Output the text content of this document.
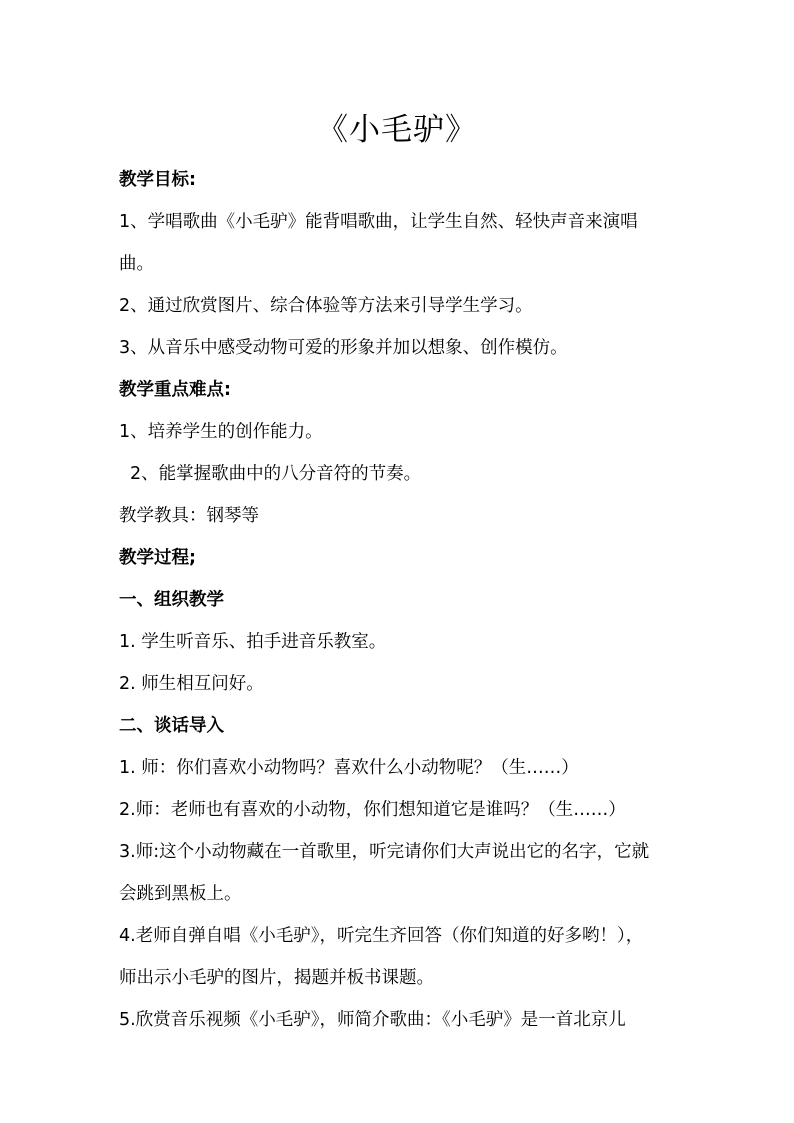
《小毛驴》
教学目标:
1、学唱歌曲《小毛驴》能背唱歌曲，让学生自然、轻快声音来演唱
曲。
2、通过欣赏图片、综合体验等方法来引导学生学习。
3、从音乐中感受动物可爱的形象并加以想象、创作模仿。
教学重点难点:
1、培养学生的创作能力。
2、能掌握歌曲中的八分音符的节奏。
教学教具：钢琴等
教学过程;
一、组织教学
1. 学生听音乐、拍手进音乐教室。
2. 师生相互问好。
二、谈话导入
1. 师：你们喜欢小动物吗？喜欢什么小动物呢？（生……）
2.师：老师也有喜欢的小动物，你们想知道它是谁吗？（生……）
3.师:这个小动物藏在一首歌里，听完请你们大声说出它的名字，它就
会跳到黑板上。
4.老师自弹自唱《小毛驴》，听完生齐回答（你们知道的好多哟！），
师出示小毛驴的图片，揭题并板书课题。
5.欣赏音乐视频《小毛驴》，师简介歌曲：《小毛驴》是一首北京儿
